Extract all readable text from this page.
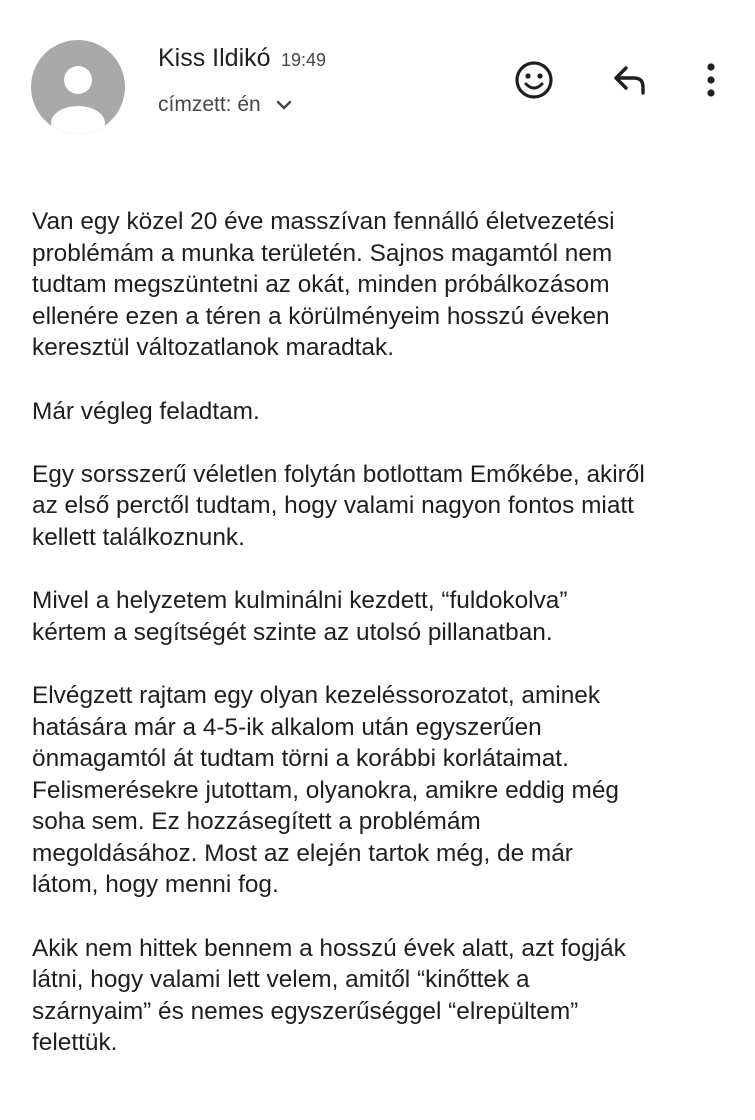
Kiss Ildikó 19:49
címzett: én

Van egy közel 20 éve masszívan fennálló életvezetési
problémám a munka területén. Sajnos magamtól nem
tudtam megszüntetni az okát, minden próbálkozásom
ellenére ezen a téren a körülményeim hosszú éveken
keresztül változatlanok maradtak.

Már végleg feladtam.

Egy sorsszerű véletlen folytán botlottam Emőkébe, akiről
az első perctől tudtam, hogy valami nagyon fontos miatt
kellett találkoznunk.

Mivel a helyzetem kulminálni kezdett, “fuldokolva”
kértem a segítségét szinte az utolsó pillanatban.

Elvégzett rajtam egy olyan kezeléssorozatot, aminek
hatására már a 4-5-ik alkalom után egyszerűen
önmagamtól át tudtam törni a korábbi korlátaimat.
Felismerésekre jutottam, olyanokra, amikre eddig még
soha sem. Ez hozzásegített a problémám
megoldásához. Most az elején tartok még, de már
látom, hogy menni fog.

Akik nem hittek bennem a hosszú évek alatt, azt fogják
látni, hogy valami lett velem, amitől “kinőttek a
szárnyaim” és nemes egyszerűséggel “elrepültem”
felettük.
